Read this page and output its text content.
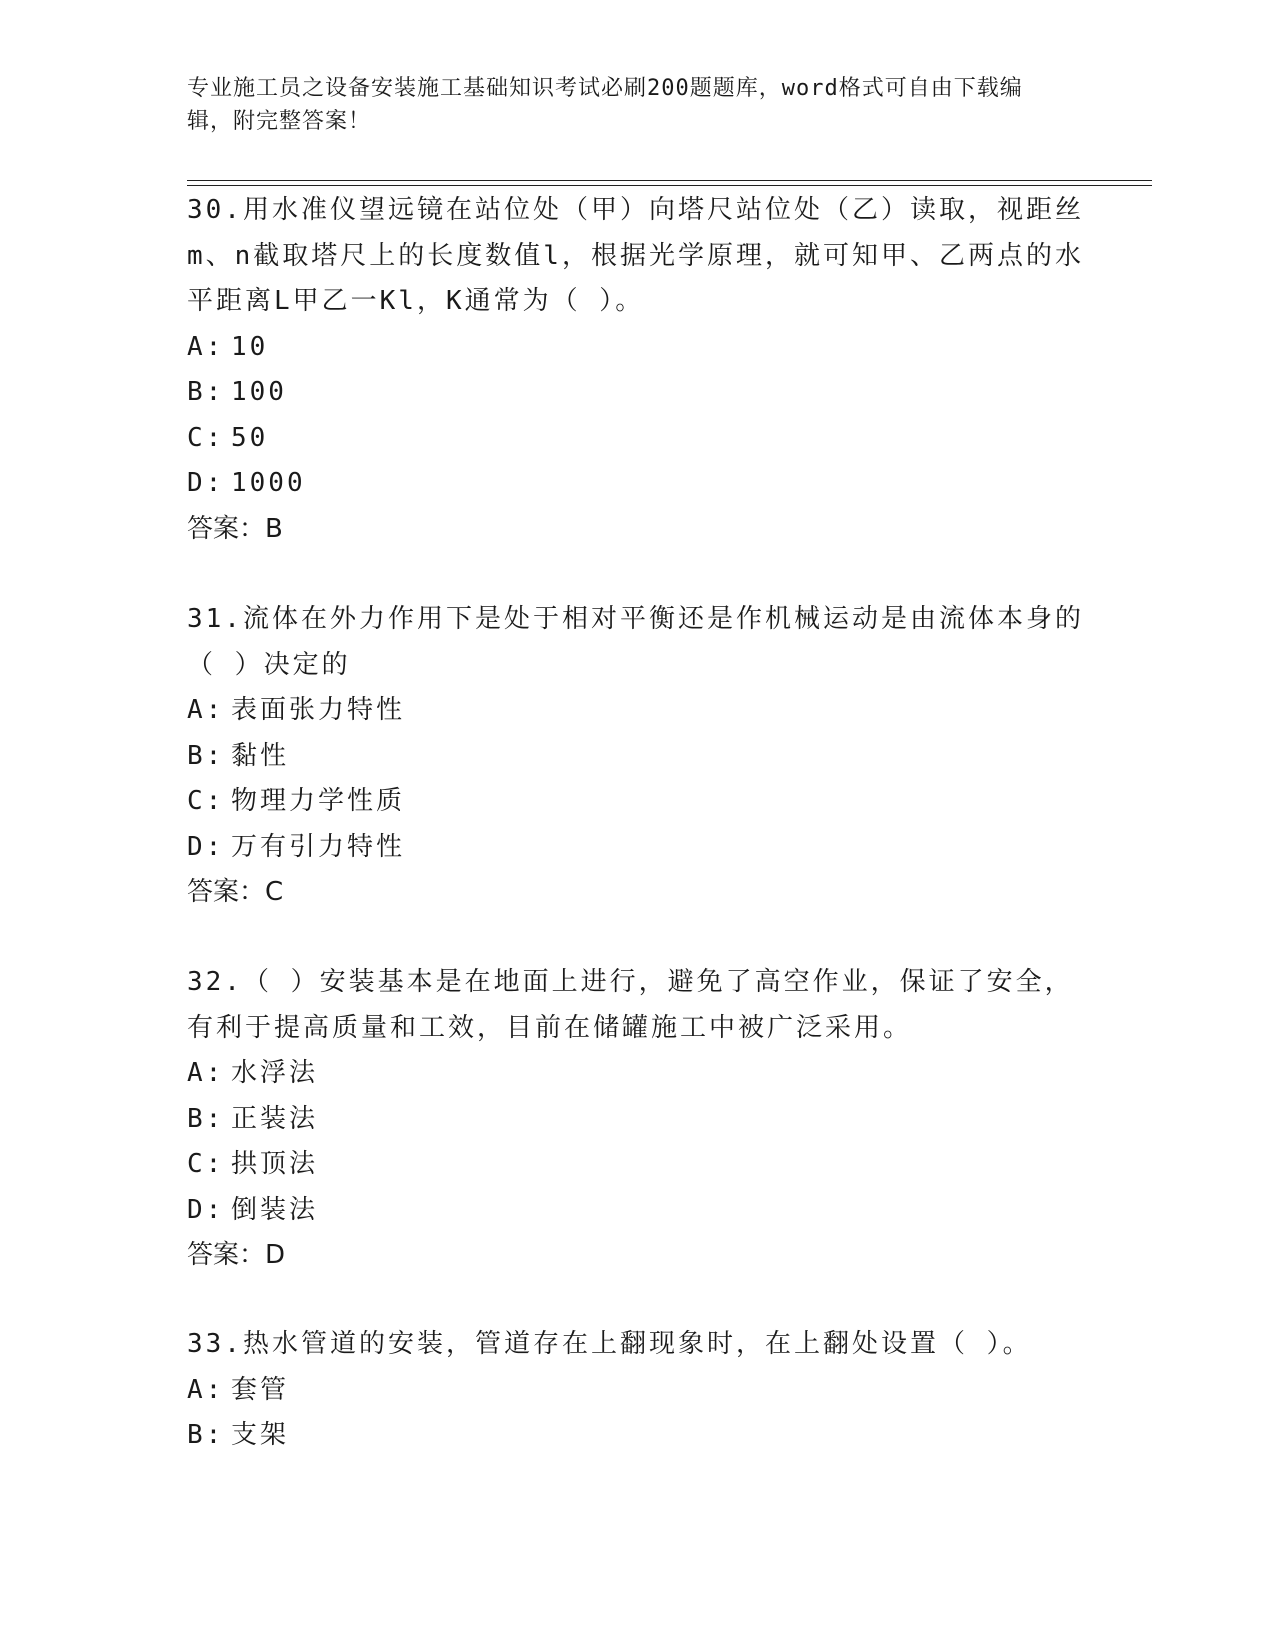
专业施工员之设备安装施工基础知识考试必刷200题题库，word格式可自由下载编辑，附完整答案！

30.用水准仪望远镜在站位处（甲）向塔尺站位处（乙）读取，视距丝m、n截取塔尺上的长度数值l，根据光学原理，就可知甲、乙两点的水平距离L甲乙一Kl，K通常为（ ）。

A: 10
B: 100
C: 50
D: 1000

答案：B

31.流体在外力作用下是处于相对平衡还是作机械运动是由流体本身的（ ）决定的

A: 表面张力特性
B: 黏性
C: 物理力学性质
D: 万有引力特性

答案：C

32.（ ）安装基本是在地面上进行，避免了高空作业，保证了安全，有利于提高质量和工效，目前在储罐施工中被广泛采用。

A: 水浮法
B: 正装法
C: 拱顶法
D: 倒装法

答案：D

33.热水管道的安装，管道存在上翻现象时，在上翻处设置（ ）。

A: 套管
B: 支架
